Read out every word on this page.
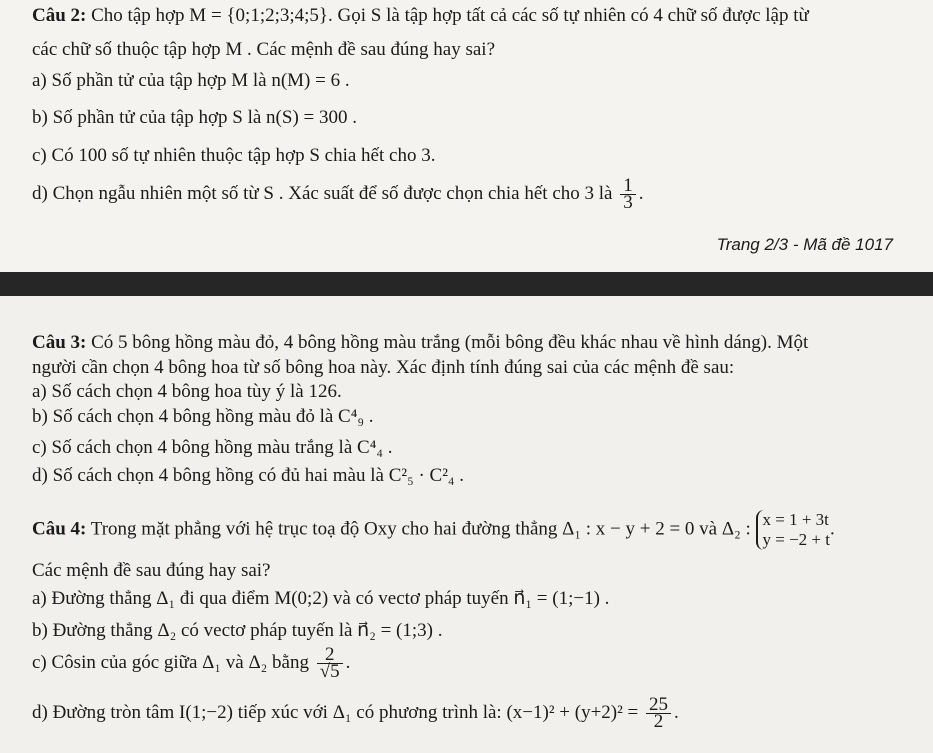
Câu 2: Cho tập hợp M = {0;1;2;3;4;5}. Gọi S là tập hợp tất cả các số tự nhiên có 4 chữ số được lập từ
các chữ số thuộc tập hợp M . Các mệnh đề sau đúng hay sai?
a) Số phần tử của tập hợp M là n(M) = 6 .
b) Số phần tử của tập hợp S là n(S) = 300 .
c) Có 100 số tự nhiên thuộc tập hợp S chia hết cho 3.
d) Chọn ngẫu nhiên một số từ S . Xác suất để số được chọn chia hết cho 3 là $\frac{1}{3}$ .
Trang 2/3 - Mã đề 1017
Câu 3: Có 5 bông hồng màu đỏ, 4 bông hồng màu trắng (mỗi bông đều khác nhau về hình dáng). Một
người cần chọn 4 bông hoa từ số bông hoa này. Xác định tính đúng sai của các mệnh đề sau:
a) Số cách chọn 4 bông hoa tùy ý là 126.
b) Số cách chọn 4 bông hồng màu đỏ là C⁴₉ .
c) Số cách chọn 4 bông hồng màu trắng là C⁴₄ .
d) Số cách chọn 4 bông hồng có đủ hai màu là C²₅ · C²₄ .
Câu 4: Trong mặt phẳng với hệ trục toạ độ Oxy cho hai đường thẳng Δ₁ : x − y + 2 = 0 và Δ₂ : x = 1 + 3t
y = −2 + t
.
Các mệnh đề sau đúng hay sai?
a) Đường thẳng Δ₁ đi qua điểm M(0;2) và có vectơ pháp tuyến n⃗₁ = (1;−1) .
b) Đường thẳng Δ₂ có vectơ pháp tuyến là n⃗₂ = (1;3) .
c) Côsin của góc giữa Δ₁ và Δ₂ bằng $\frac{2}{√5}$ .
d) Đường tròn tâm I(1;−2) tiếp xúc với Δ₁ có phương trình là: $(x-1)^2 + (y+2)^2 = \frac{25}{2}$ .
